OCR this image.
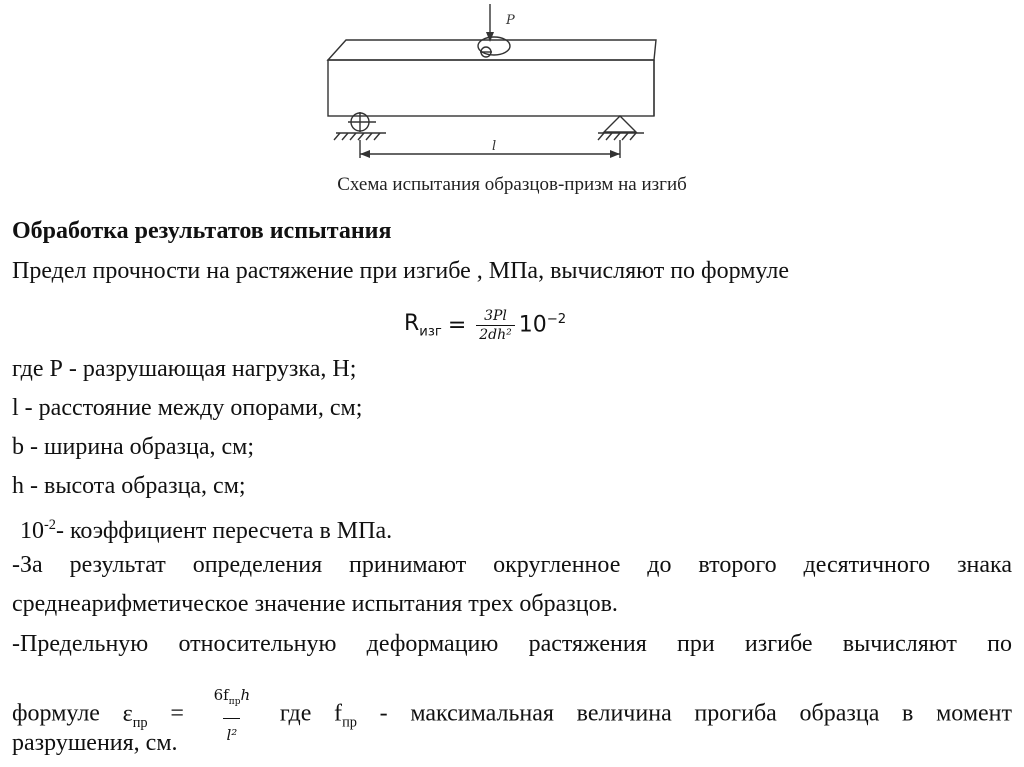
P
l
Схема испытания образцов-призм на изгиб
Обработка результатов испытания
Предел прочности на растяжение при изгибе , МПа, вычисляют по формуле
$R_{изг} = \frac{3Pl}{\text{2dh²}} 10^{-2}$
где Р - разрушающая нагрузка, Н;
l - расстояние между опорами, см;
b - ширина образца, см;
h - высота образца, см;
$10^{-2}-$ коэффициент пересчета в МПа.
-За результат определения принимают округленное до второго десятичного знака
среднеарифметическое значение испытания трех образцов.
-Предельную относительную деформацию растяжения при изгибе вычисляют по
формуле $\varepsilon_{пр} = \frac{6f_{пр}h}{\text{l²}}$ где $f_{пр}$ - максимальная величина прогиба образца в момент
разрушения, см.
